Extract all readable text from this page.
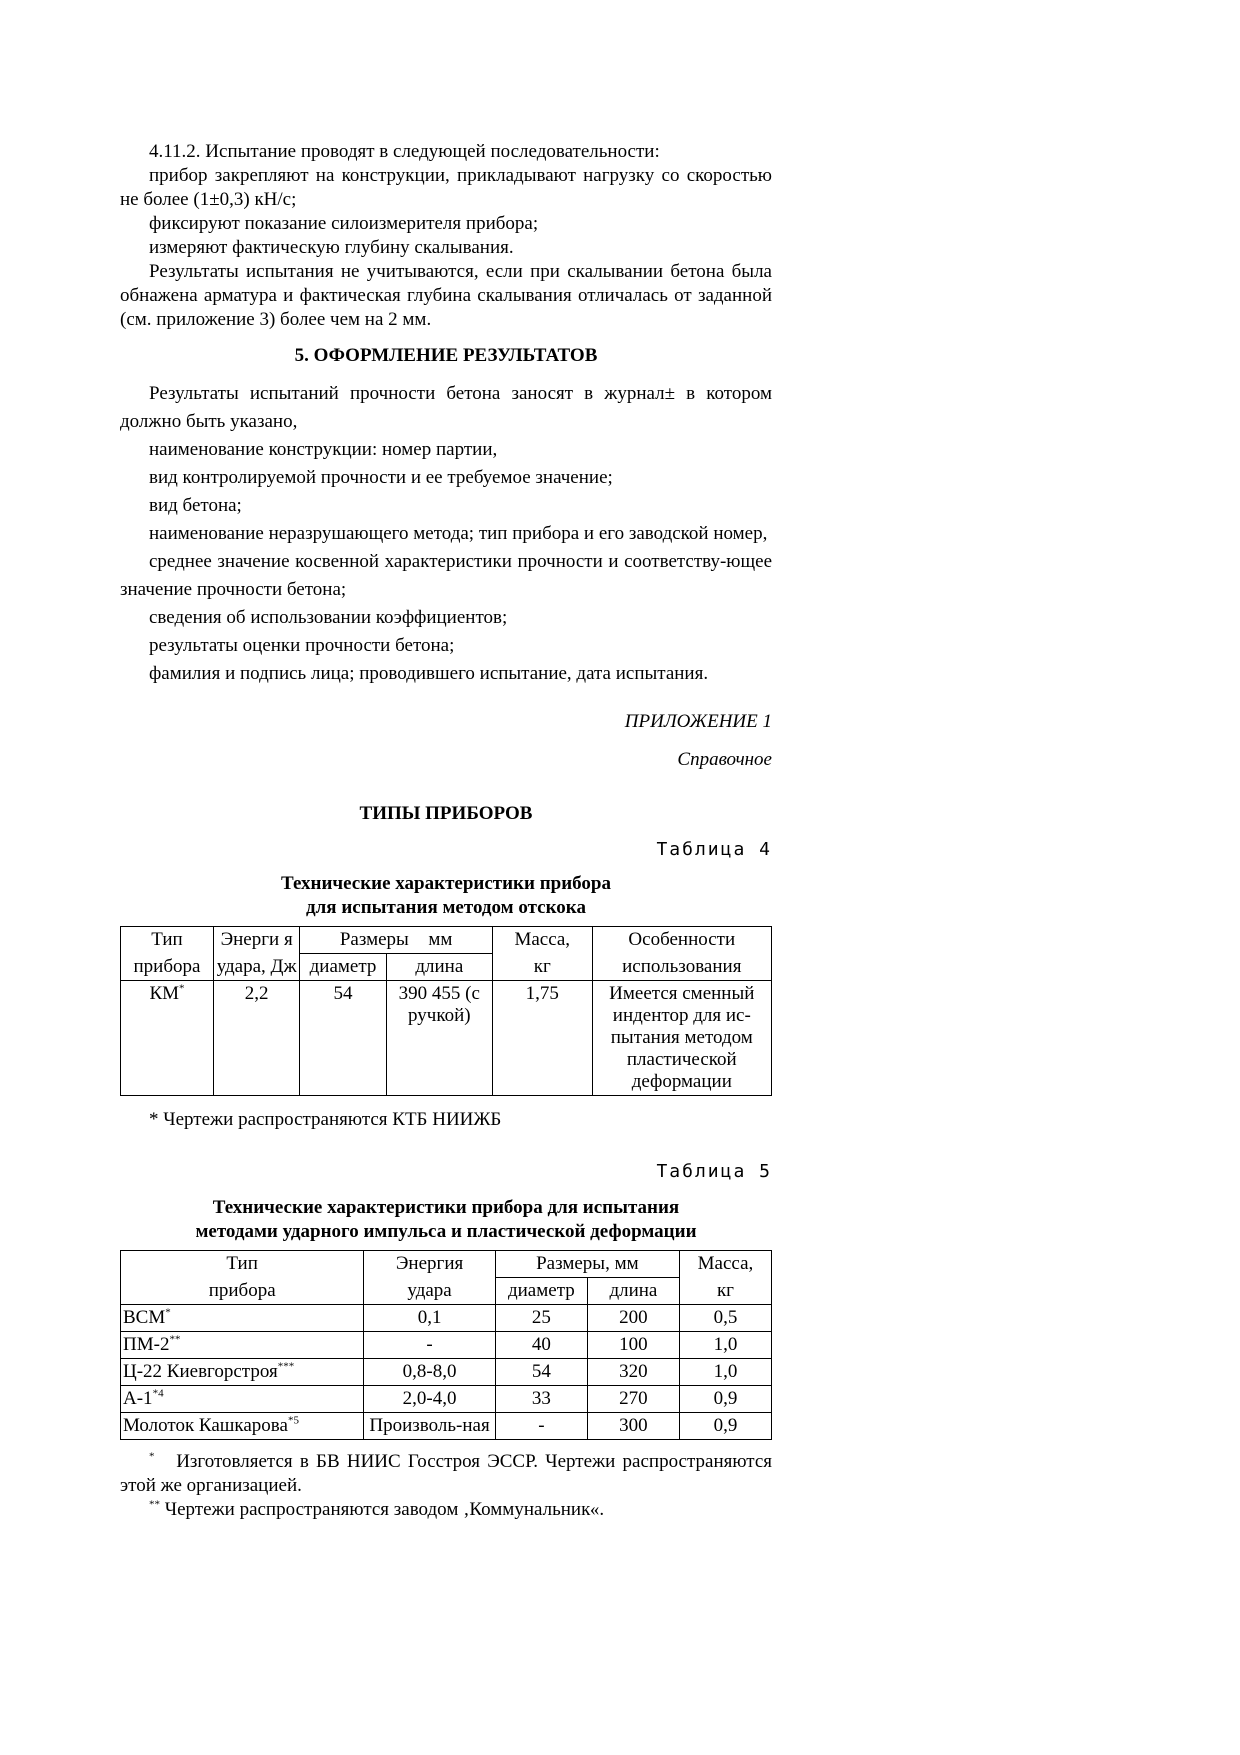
4.11.2. Испытание проводят в следующей последовательности:

прибор закрепляют на конструкции, прикладывают нагрузку со скоростью не более (1±0,3) кН/с;

фиксируют показание силоизмерителя прибора;

измеряют фактическую глубину скалывания.

Результаты испытания не учитываются, если при скалывании бетона была обнажена арматура и фактическая глубина скалывания отличалась от заданной (см. приложение 3) более чем на 2 мм.

5. ОФОРМЛЕНИЕ РЕЗУЛЬТАТОВ

Результаты испытаний прочности бетона заносят в журнал± в котором должно быть указано,

наименование конструкции: номер партии,

вид контролируемой прочности и ее требуемое значение;

вид бетона;

наименование неразрушающего метода; тип прибора и его заводской номер,

среднее значение косвенной характеристики прочности и соответству-ющее значение прочности бетона;

сведения об использовании коэффициентов;

результаты оценки прочности бетона;

фамилия и подпись лица; проводившего испытание, дата испытания.

ПРИЛОЖЕНИЕ 1
Справочное
ТИПЫ ПРИБОРОВ
Таблица 4
Технические характеристики прибора
для испытания методом отскока
Тип	Энерги я	Размеры  мм		Масса,	Особенности
прибора	удара, Дж	диаметр	длина	кг	использования
КМ*	2,2	54	390 455 (с ручкой)	1,75	Имеется сменный индентор для ис-пытания методом пластической деформации

* Чертежи распространяются КТБ НИИЖБ

Таблица 5
Технические характеристики прибора для испытания
методами ударного импульса и пластической деформации
Тип	Энергия	Размеры, мм		Масса,
прибора	удара	диаметр	длина	кг
ВСМ*	0,1	25	200	0,5
ПМ-2**	-	40	100	1,0
Ц-22 Киевгорстроя***	0,8-8,0	54	320	1,0
А-1$^{*4}$	2,0-4,0	33	270	0,9
Молоток Кашкарова$^{*5}$	Произволь-ная	-	300	0,9

* Изготовляется в БВ НИИС Госстроя ЭССР. Чертежи распространяются этой же организацией.

** Чертежи распространяются заводом ‚Коммунальник«.
